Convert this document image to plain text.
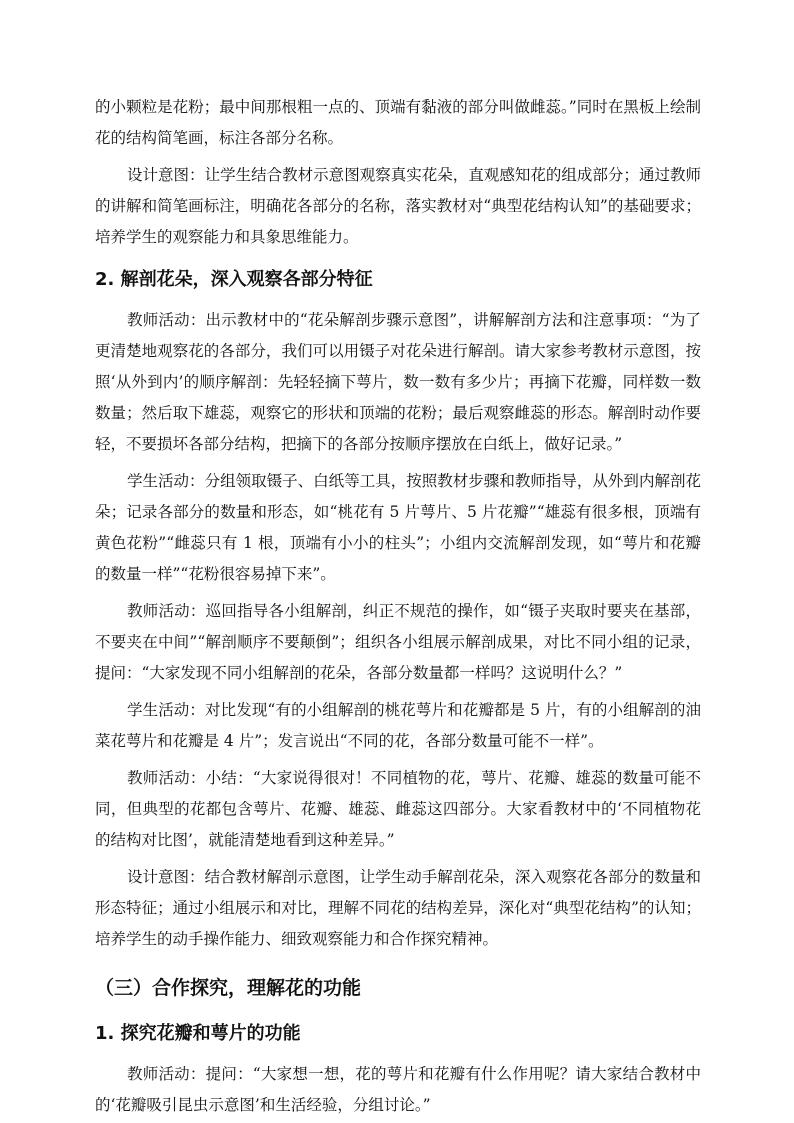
的小颗粒是花粉；最中间那根粗一点的、顶端有黏液的部分叫做雌蕊。”同时在黑板上绘制花的结构简笔画，标注各部分名称。

设计意图：让学生结合教材示意图观察真实花朵，直观感知花的组成部分；通过教师的讲解和简笔画标注，明确花各部分的名称，落实教材对“典型花结构认知”的基础要求；培养学生的观察能力和具象思维能力。

2. 解剖花朵，深入观察各部分特征

教师活动：出示教材中的“花朵解剖步骤示意图”，讲解解剖方法和注意事项：“为了更清楚地观察花的各部分，我们可以用镊子对花朵进行解剖。请大家参考教材示意图，按照‘从外到内’的顺序解剖：先轻轻摘下萼片，数一数有多少片；再摘下花瓣，同样数一数数量；然后取下雄蕊，观察它的形状和顶端的花粉；最后观察雌蕊的形态。解剖时动作要轻，不要损坏各部分结构，把摘下的各部分按顺序摆放在白纸上，做好记录。”

学生活动：分组领取镊子、白纸等工具，按照教材步骤和教师指导，从外到内解剖花朵；记录各部分的数量和形态，如“桃花有 5 片萼片、5 片花瓣”“雄蕊有很多根，顶端有黄色花粉”“雌蕊只有 1 根，顶端有小小的柱头”；小组内交流解剖发现，如“萼片和花瓣的数量一样”“花粉很容易掉下来”。

教师活动：巡回指导各小组解剖，纠正不规范的操作，如“镊子夹取时要夹在基部，不要夹在中间”“解剖顺序不要颠倒”；组织各小组展示解剖成果，对比不同小组的记录，提问：“大家发现不同小组解剖的花朵，各部分数量都一样吗？这说明什么？”

学生活动：对比发现“有的小组解剖的桃花萼片和花瓣都是 5 片，有的小组解剖的油菜花萼片和花瓣是 4 片”；发言说出“不同的花，各部分数量可能不一样”。

教师活动：小结：“大家说得很对！不同植物的花，萼片、花瓣、雄蕊的数量可能不同，但典型的花都包含萼片、花瓣、雄蕊、雌蕊这四部分。大家看教材中的‘不同植物花的结构对比图’，就能清楚地看到这种差异。”

设计意图：结合教材解剖示意图，让学生动手解剖花朵，深入观察花各部分的数量和形态特征；通过小组展示和对比，理解不同花的结构差异，深化对“典型花结构”的认知；培养学生的动手操作能力、细致观察能力和合作探究精神。

（三）合作探究，理解花的功能
1. 探究花瓣和萼片的功能

教师活动：提问：“大家想一想，花的萼片和花瓣有什么作用呢？请大家结合教材中的‘花瓣吸引昆虫示意图’和生活经验，分组讨论。”
